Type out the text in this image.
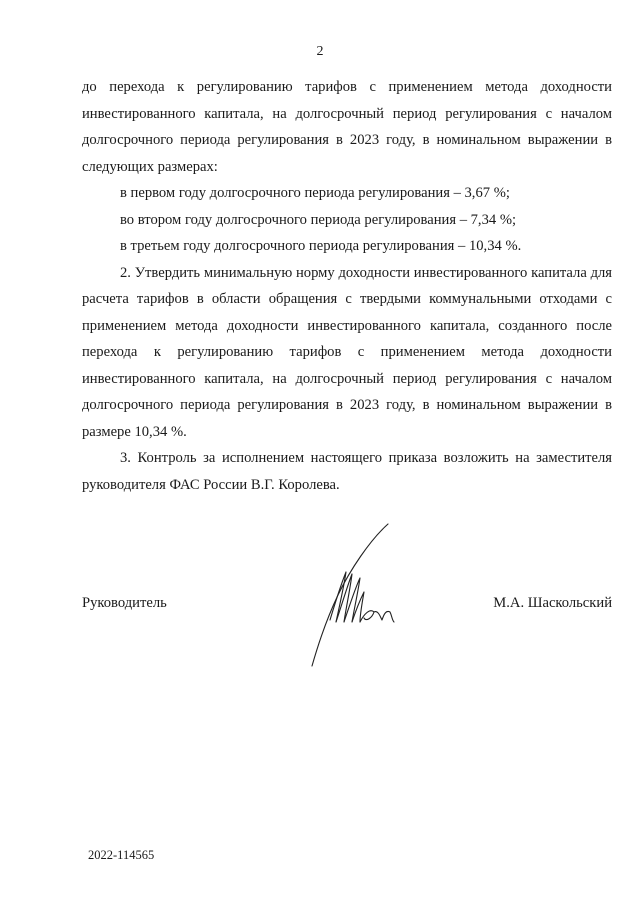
2

до перехода к регулированию тарифов с применением метода доходности инвестированного капитала, на долгосрочный период регулирования с началом долгосрочного периода регулирования в 2023 году, в номинальном выражении в следующих размерах:

в первом году долгосрочного периода регулирования – 3,67 %;

во втором году долгосрочного периода регулирования – 7,34 %;

в третьем году долгосрочного периода регулирования – 10,34 %.

2. Утвердить минимальную норму доходности инвестированного капитала для расчета тарифов в области обращения с твердыми коммунальными отходами с применением метода доходности инвестированного капитала, созданного после перехода к регулированию тарифов с применением метода доходности инвестированного капитала, на долгосрочный период регулирования с началом долгосрочного периода регулирования в 2023 году, в номинальном выражении в размере 10,34 %.

3. Контроль за исполнением настоящего приказа возложить на заместителя руководителя ФАС России В.Г. Королева.

Руководитель	М.А. Шаскольский
2022-114565
